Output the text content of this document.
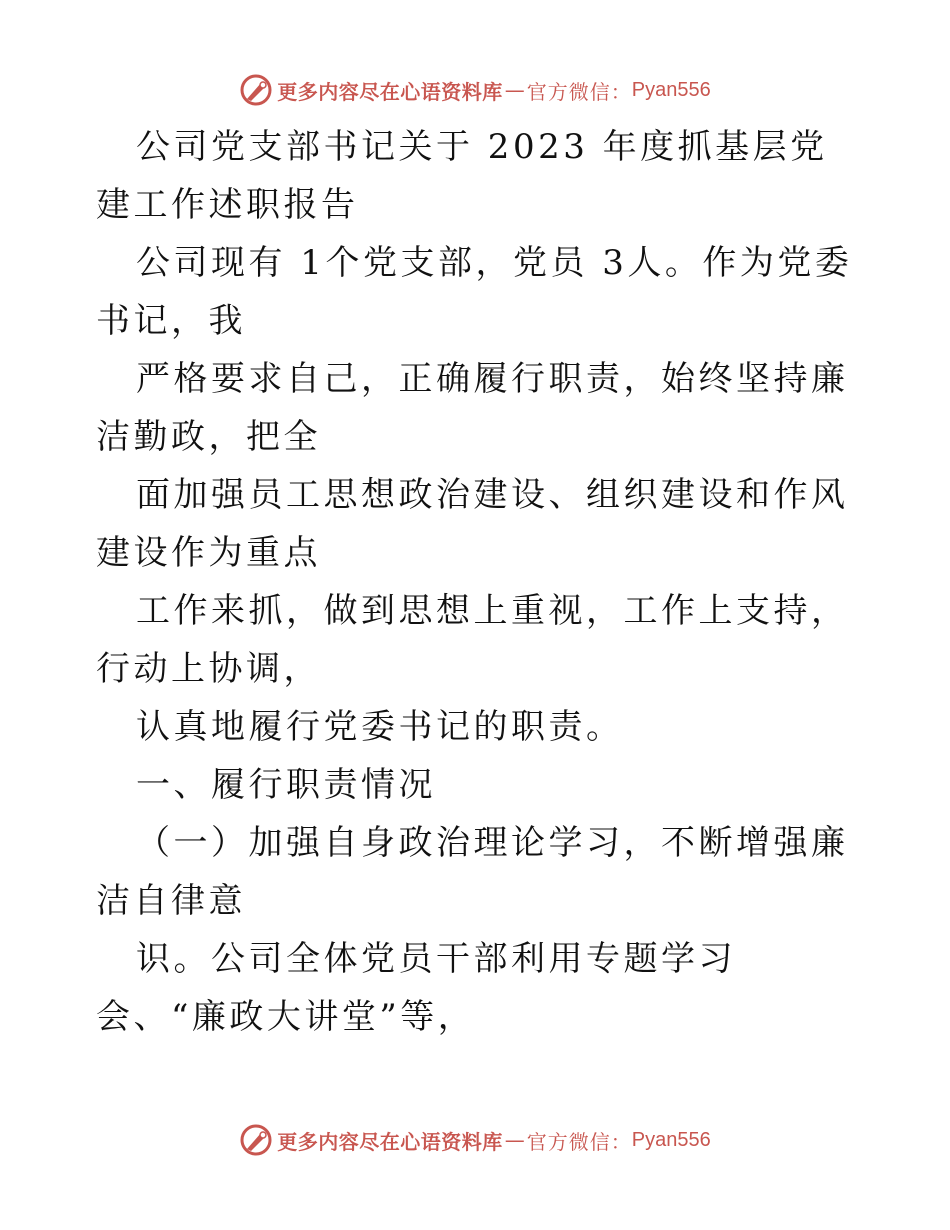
更多内容尽在心语资料库 — 官方微信： Pyan556

公司党支部书记关于 2023 年度抓基层党建工作述职报告

公司现有 1个党支部，党员 3人。作为党委书记，我

严格要求自己，正确履行职责，始终坚持廉洁勤政，把全

面加强员工思想政治建设、组织建设和作风建设作为重点

工作来抓，做到思想上重视，工作上支持，行动上协调，

认真地履行党委书记的职责。

一、履行职责情况

（一）加强自身政治理论学习，不断增强廉洁自律意

识。公司全体党员干部利用专题学习会、“廉政大讲堂”等，

更多内容尽在心语资料库 — 官方微信： Pyan556
